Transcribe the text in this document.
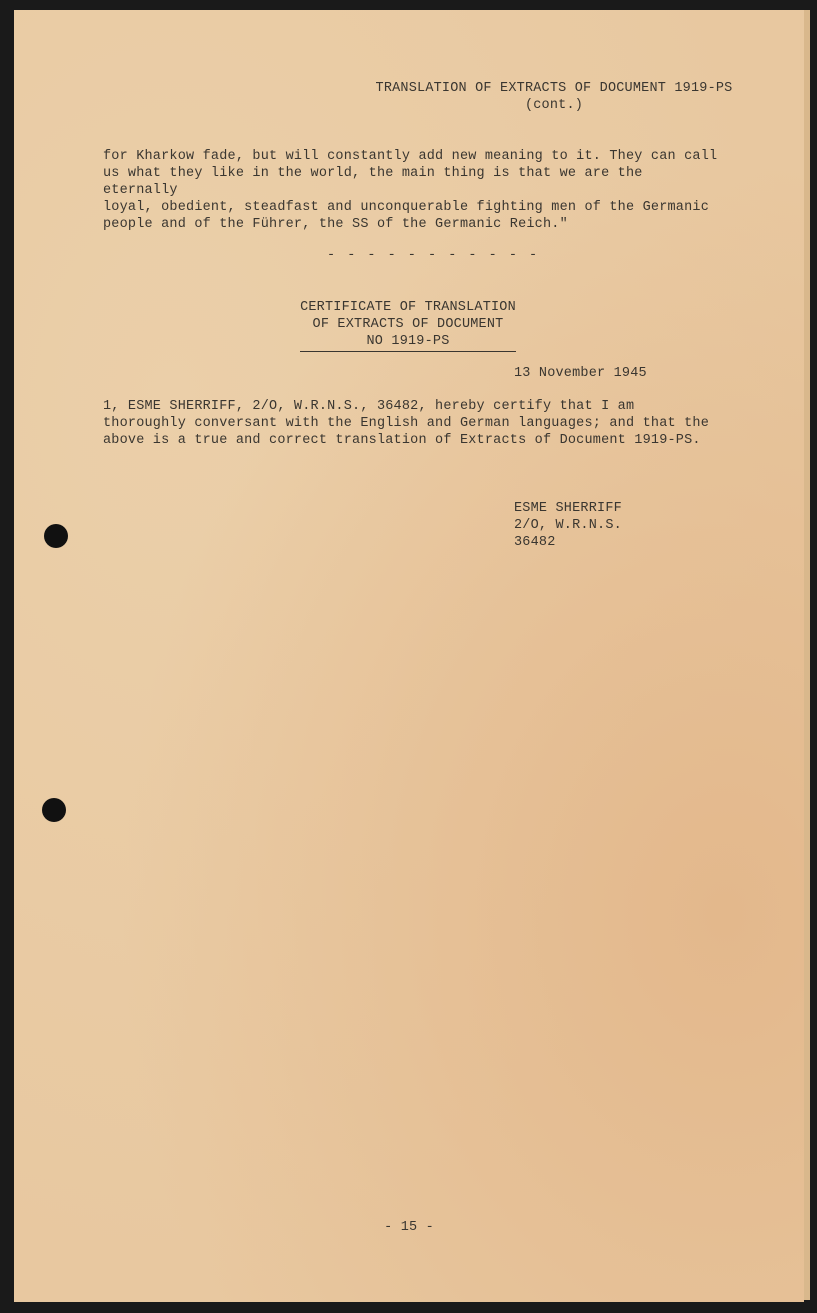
TRANSLATION OF EXTRACTS OF DOCUMENT 1919-PS
(cont.)
for Kharkow fade, but will constantly add new meaning to it. They can call
us what they like in the world, the main thing is that we are the eternally
loyal, obedient, steadfast and unconquerable fighting men of the Germanic
people and of the Führer, the SS of the Germanic Reich."
- - - - - - - - - - -
CERTIFICATE OF TRANSLATION
OF EXTRACTS OF DOCUMENT
NO 1919-PS
13 November 1945
1, ESME SHERRIFF, 2/O, W.R.N.S., 36482, hereby certify that I am
thoroughly conversant with the English and German languages; and that the
above is a true and correct translation of Extracts of Document 1919-PS.
ESME SHERRIFF
2/O, W.R.N.S.
36482
- 15 -
